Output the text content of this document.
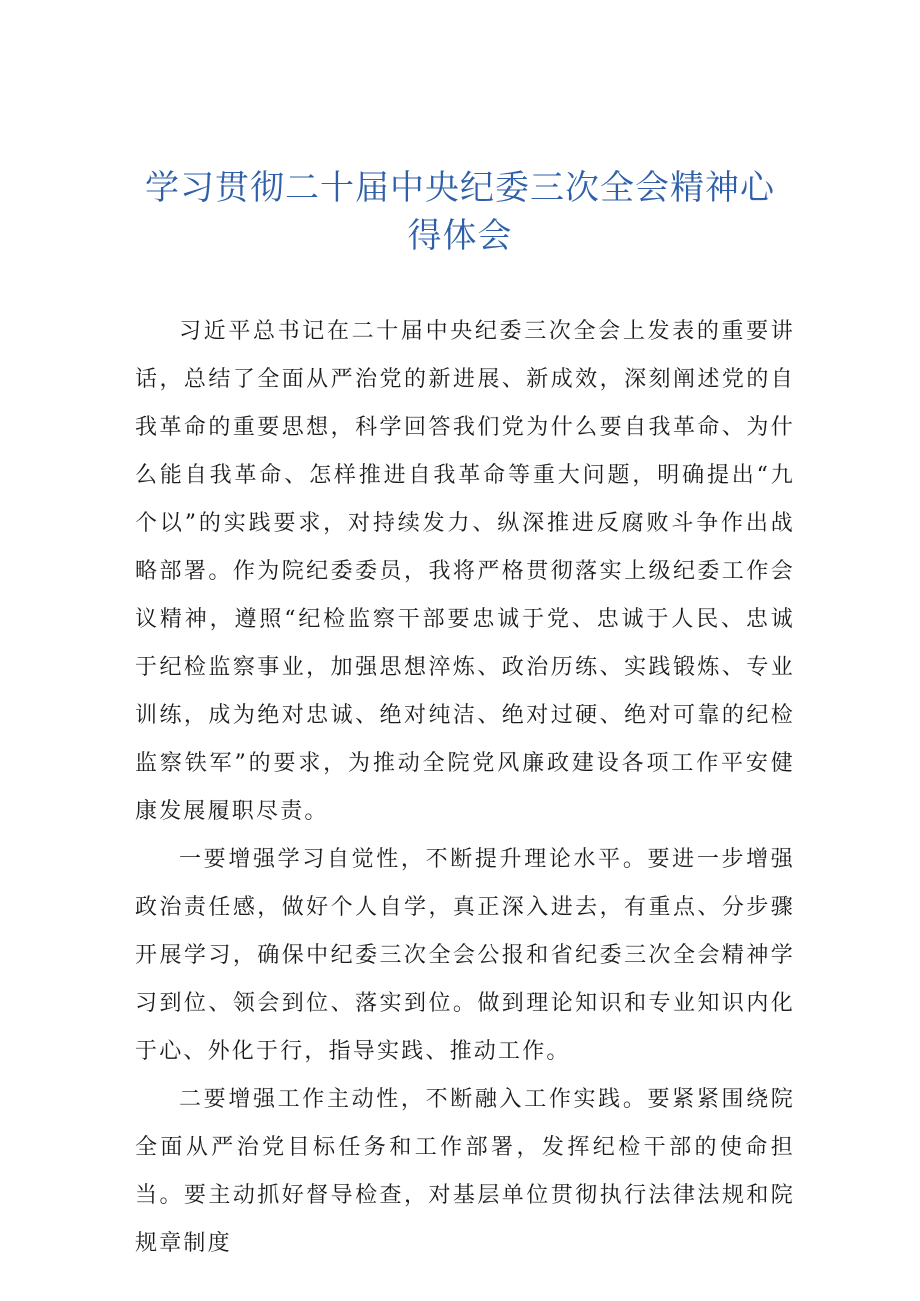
学习贯彻二十届中央纪委三次全会精神心得体会

习近平总书记在二十届中央纪委三次全会上发表的重要讲话，总结了全面从严治党的新进展、新成效，深刻阐述党的自我革命的重要思想，科学回答我们党为什么要自我革命、为什么能自我革命、怎样推进自我革命等重大问题，明确提出“九个以”的实践要求，对持续发力、纵深推进反腐败斗争作出战略部署。作为院纪委委员，我将严格贯彻落实上级纪委工作会议精神，遵照“纪检监察干部要忠诚于党、忠诚于人民、忠诚于纪检监察事业，加强思想淬炼、政治历练、实践锻炼、专业训练，成为绝对忠诚、绝对纯洁、绝对过硬、绝对可靠的纪检监察铁军”的要求，为推动全院党风廉政建设各项工作平安健康发展履职尽责。

一要增强学习自觉性，不断提升理论水平。要进一步增强政治责任感，做好个人自学，真正深入进去，有重点、分步骤开展学习，确保中纪委三次全会公报和省纪委三次全会精神学习到位、领会到位、落实到位。做到理论知识和专业知识内化于心、外化于行，指导实践、推动工作。

二要增强工作主动性，不断融入工作实践。要紧紧围绕院全面从严治党目标任务和工作部署，发挥纪检干部的使命担当。要主动抓好督导检查，对基层单位贯彻执行法律法规和院规章制度
